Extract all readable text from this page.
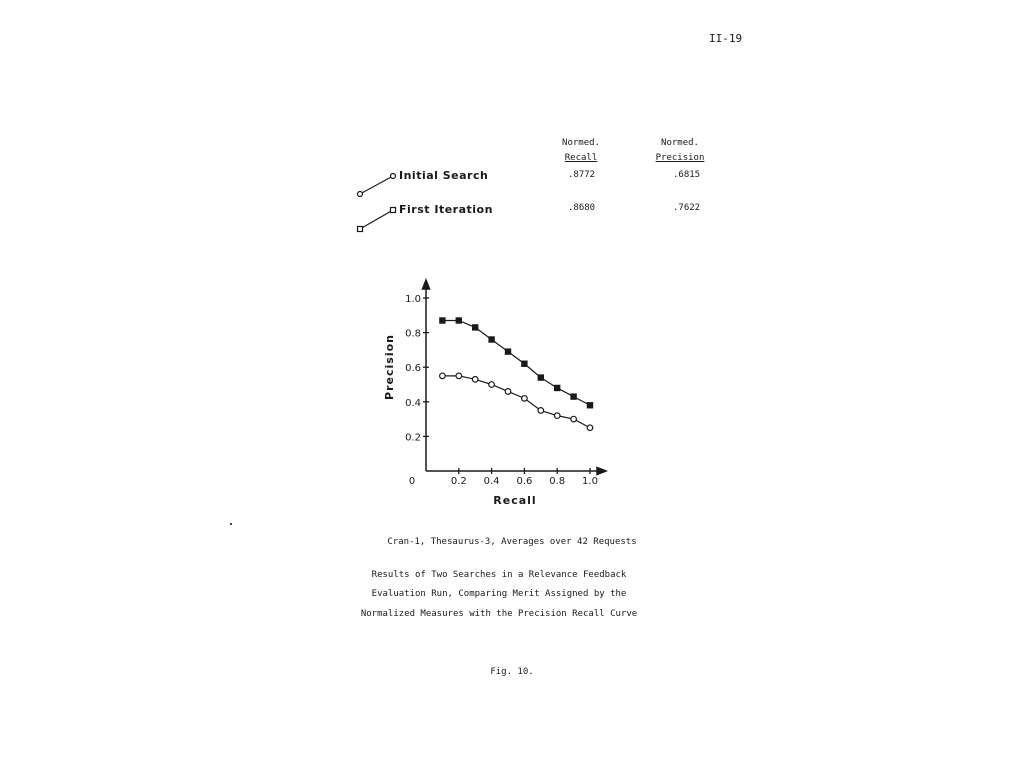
II-19
Normed.
Recall
Normed.
Precision
Initial Search
First Iteration
.8772	.6815
.8680	.7622
0.2 0.4 0.6 0.8 1.0
0.2
0.4
0.6
0.8
1.0
0
Recall
Precision
Cran-1, Thesaurus-3, Averages over 42 Requests
Results of Two Searches in a Relevance Feedback
Evaluation Run, Comparing Merit Assigned by the
Normalized Measures with the Precision Recall Curve
Fig. 10.
